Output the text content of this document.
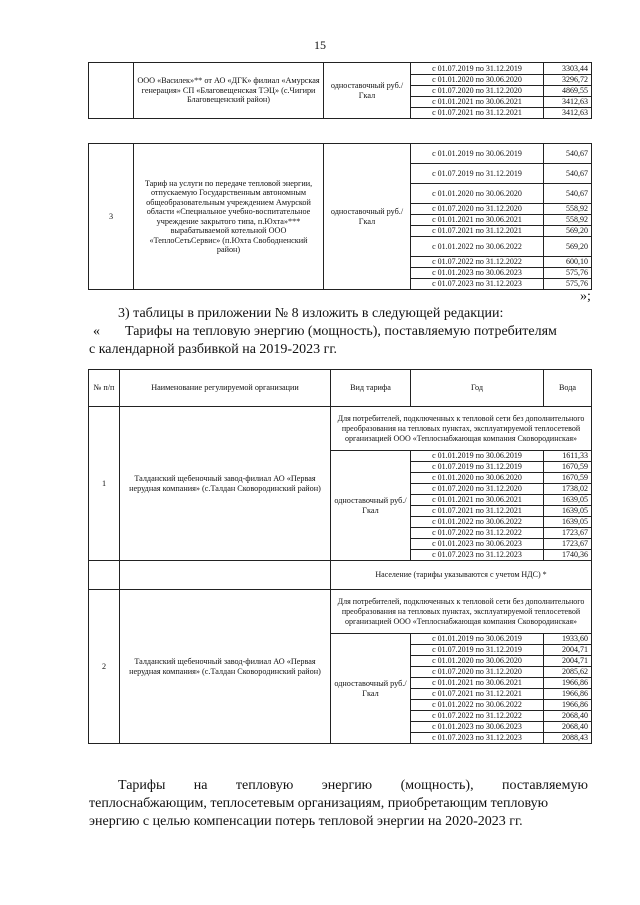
15
	ООО «Василек»** от АО «ДГК» филиал «Амурская генерация» СП «Благовещенская ТЭЦ» (с.Чигири Благовещенский район)	одноставочный руб./Гкал	с 01.07.2019 по 31.12.2019	3303,44
			с 01.01.2020 по 30.06.2020	3296,72
			с 01.07.2020 по 31.12.2020	4869,55
			с 01.01.2021 по 30.06.2021	3412,63
			с 01.07.2021 по 31.12.2021	3412,63
3	Тариф на услуги по передаче тепловой энергии, отпускаемую Государственным автономным общеобразовательным учреждением Амурской области «Специальное учебно-воспитательное учреждение закрытого типа, п.Юхта»*** вырабатываемой котельной ООО «ТеплоСетьСервис» (п.Юхта Свободненский район)	одноставочный руб./Гкал	с 01.01.2019 по 30.06.2019	540,67
			с 01.07.2019 по 31.12.2019	540,67
			с 01.01.2020 по 30.06.2020	540,67
			с 01.07.2020 по 31.12.2020	558,92
			с 01.01.2021 по 30.06.2021	558,92
			с 01.07.2021 по 31.12.2021	569,20
			с 01.01.2022 по 30.06.2022	569,20
			с 01.07.2022 по 31.12.2022	600,10
			с 01.01.2023 по 30.06.2023	575,76
			с 01.07.2023 по 31.12.2023	575,76
»;
3) таблицы в приложении № 8 изложить в следующей редакции:
« Тарифы на тепловую энергию (мощность), поставляемую потребителям
с календарной разбивкой на 2019-2023 гг.
№ п/п	Наименование регулируемой организации	Вид тарифа	Год	Вода
1	Талданский щебеночный завод-филиал АО «Первая нерудная компания» (с.Талдан Сковородинский район)	Для потребителей, подключенных к тепловой сети без дополнительного преобразования на тепловых пунктах, эксплуатируемой теплосетевой организацией ООО «Теплоснабжающая компания Сковородинская»		
		одноставочный руб./Гкал	с 01.01.2019 по 30.06.2019	1611,33
			с 01.07.2019 по 31.12.2019	1670,59
			с 01.01.2020 по 30.06.2020	1670,59
			с 01.07.2020 по 31.12.2020	1738,02
			с 01.01.2021 по 30.06.2021	1639,05
			с 01.07.2021 по 31.12.2021	1639,05
			с 01.01.2022 по 30.06.2022	1639,05
			с 01.07.2022 по 31.12.2022	1723,67
			с 01.01.2023 по 30.06.2023	1723,67
			с 01.07.2023 по 31.12.2023	1740,36
		Население (тарифы указываются с учетом НДС) *		
2	Талданский щебеночный завод-филиал АО «Первая нерудная компания» (с.Талдан Сковородинский район)	Для потребителей, подключенных к тепловой сети без дополнительного преобразования на тепловых пунктах, эксплуатируемой теплосетевой организацией ООО «Теплоснабжающая компания Сковородинская»		
		одноставочный руб./Гкал	с 01.01.2019 по 30.06.2019	1933,60
			с 01.07.2019 по 31.12.2019	2004,71
			с 01.01.2020 по 30.06.2020	2004,71
			с 01.07.2020 по 31.12.2020	2085,62
			с 01.01.2021 по 30.06.2021	1966,86
			с 01.07.2021 по 31.12.2021	1966,86
			с 01.01.2022 по 30.06.2022	1966,86
			с 01.07.2022 по 31.12.2022	2068,40
			с 01.01.2023 по 30.06.2023	2068,40
			с 01.07.2023 по 31.12.2023	2088,43
Тарифы на тепловую энергию (мощность), поставляемую
теплоснабжающим, теплосетевым организациям, приобретающим тепловую
энергию с целью компенсации потерь тепловой энергии на 2020-2023 гг.
